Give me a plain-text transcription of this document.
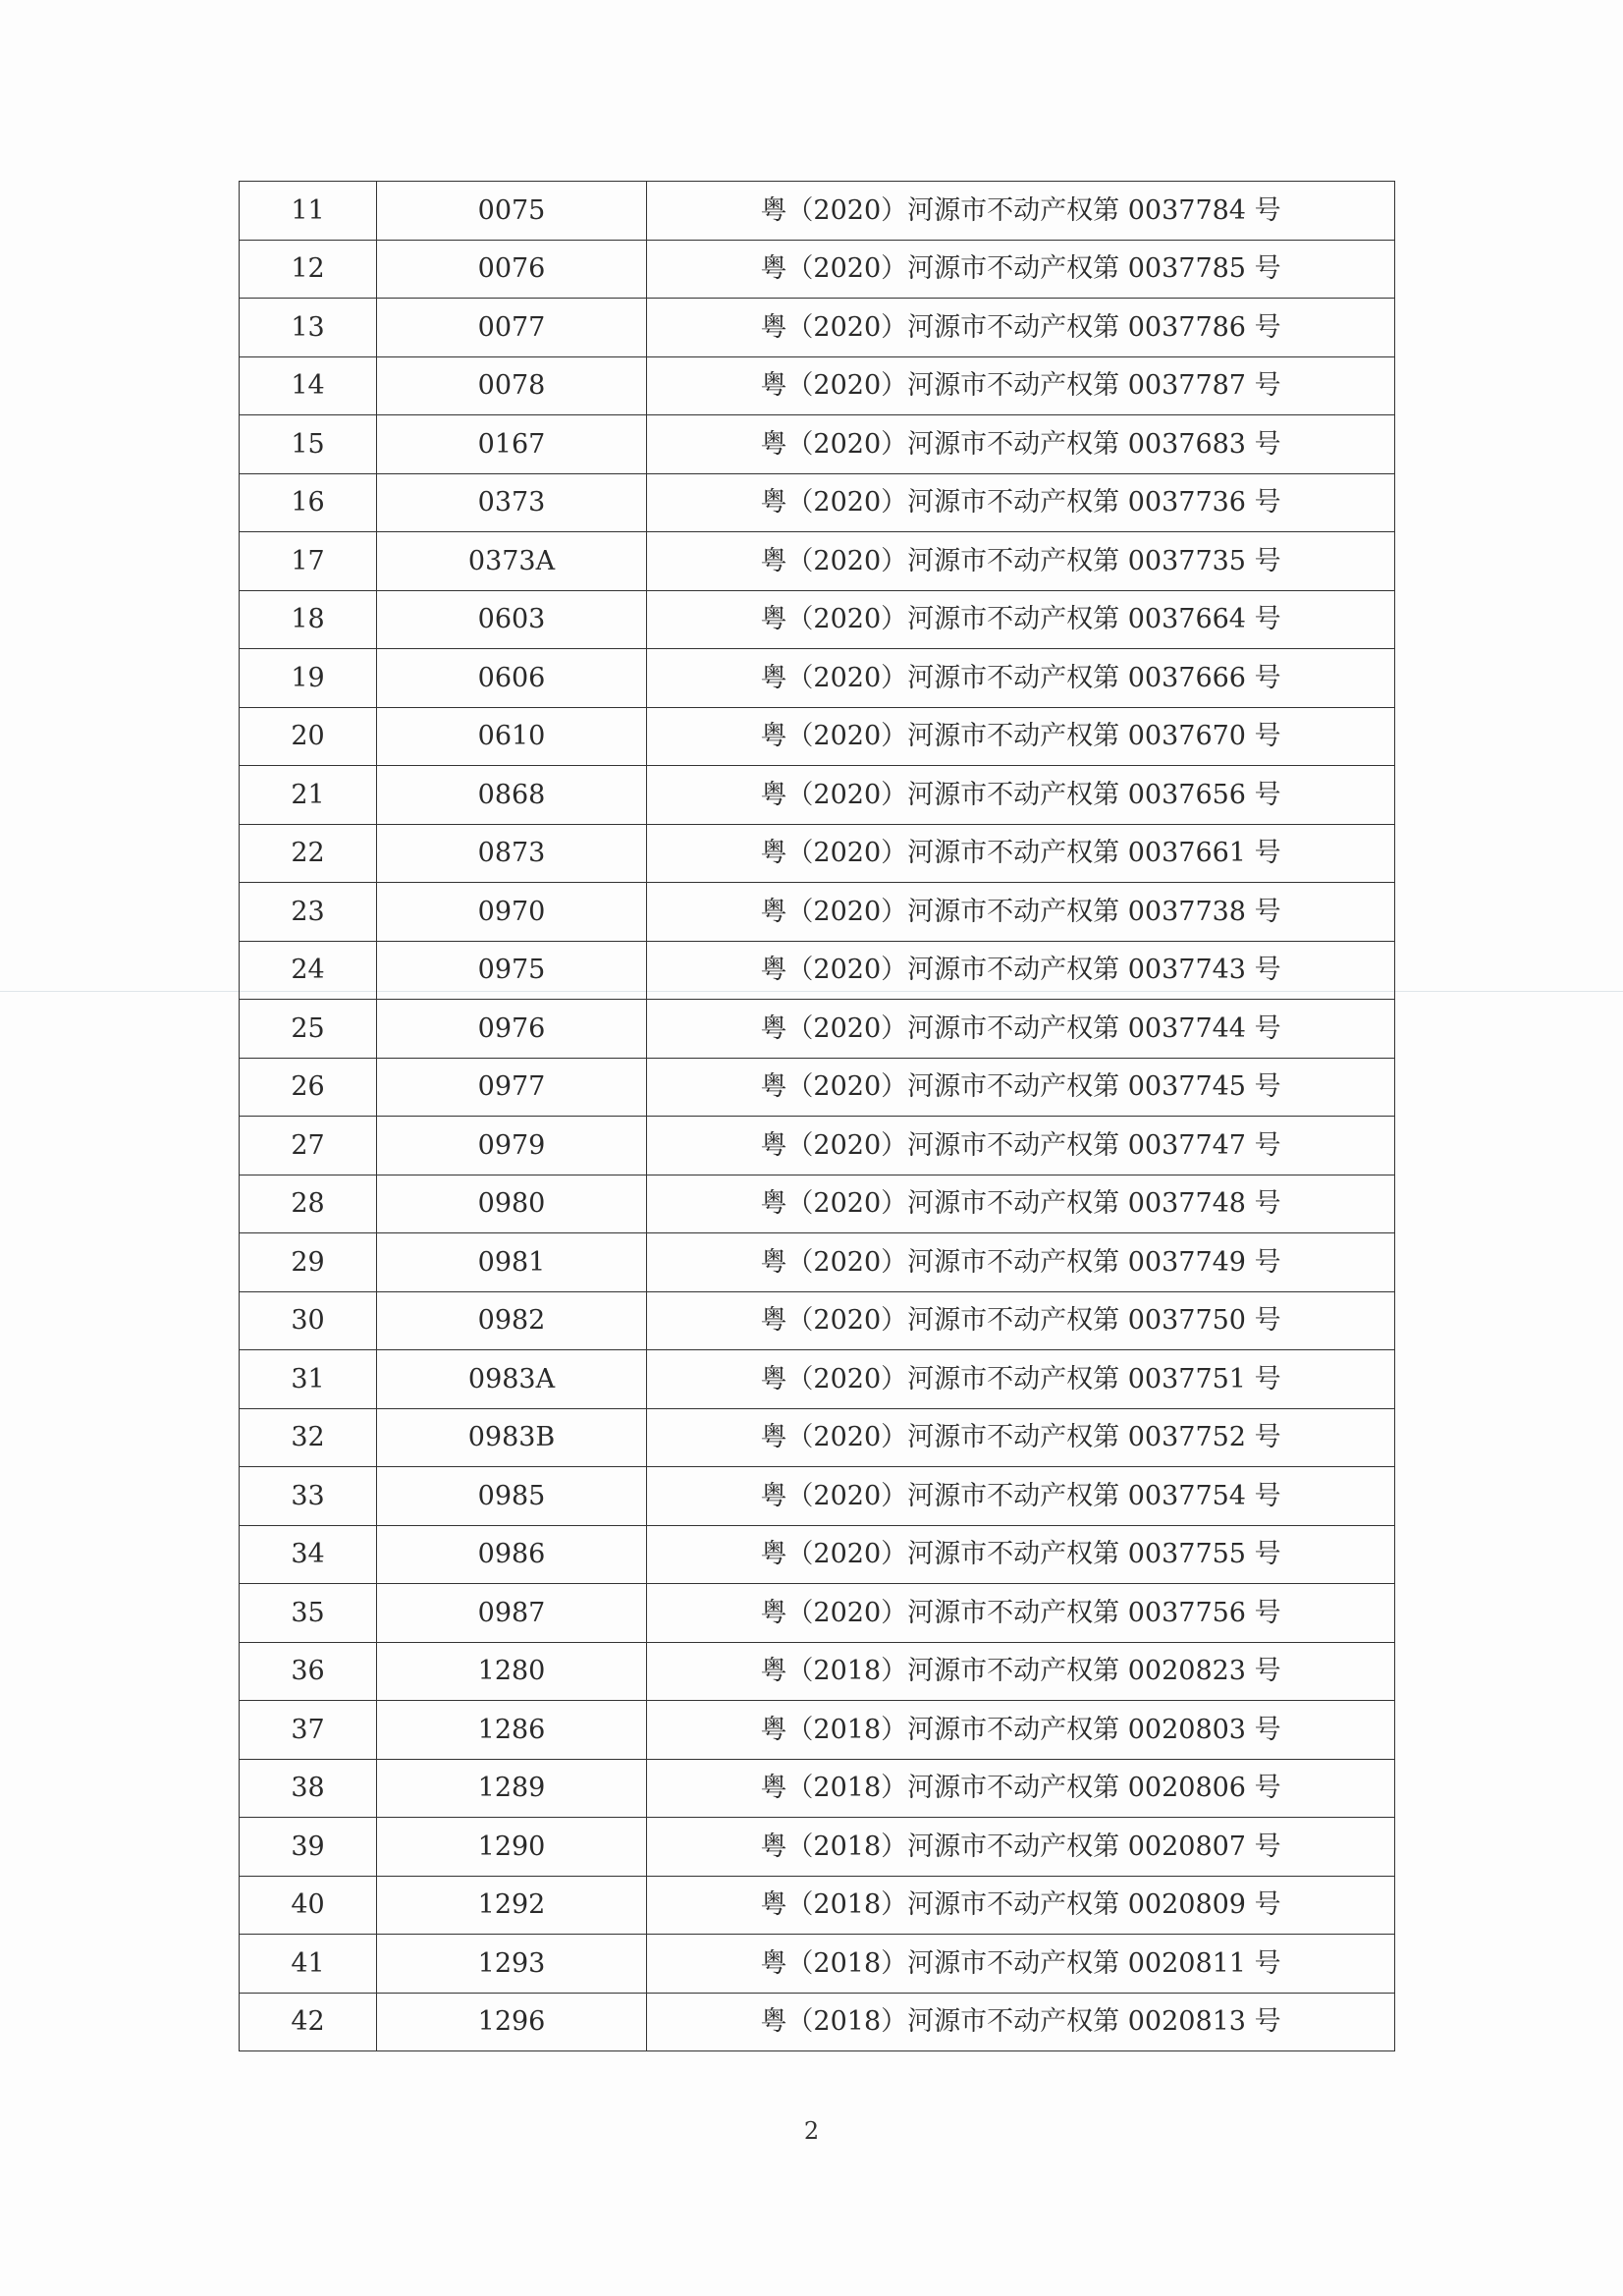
11	0075	粤（2020）河源市不动产权第 0037784 号
12	0076	粤（2020）河源市不动产权第 0037785 号
13	0077	粤（2020）河源市不动产权第 0037786 号
14	0078	粤（2020）河源市不动产权第 0037787 号
15	0167	粤（2020）河源市不动产权第 0037683 号
16	0373	粤（2020）河源市不动产权第 0037736 号
17	0373A	粤（2020）河源市不动产权第 0037735 号
18	0603	粤（2020）河源市不动产权第 0037664 号
19	0606	粤（2020）河源市不动产权第 0037666 号
20	0610	粤（2020）河源市不动产权第 0037670 号
21	0868	粤（2020）河源市不动产权第 0037656 号
22	0873	粤（2020）河源市不动产权第 0037661 号
23	0970	粤（2020）河源市不动产权第 0037738 号
24	0975	粤（2020）河源市不动产权第 0037743 号
25	0976	粤（2020）河源市不动产权第 0037744 号
26	0977	粤（2020）河源市不动产权第 0037745 号
27	0979	粤（2020）河源市不动产权第 0037747 号
28	0980	粤（2020）河源市不动产权第 0037748 号
29	0981	粤（2020）河源市不动产权第 0037749 号
30	0982	粤（2020）河源市不动产权第 0037750 号
31	0983A	粤（2020）河源市不动产权第 0037751 号
32	0983B	粤（2020）河源市不动产权第 0037752 号
33	0985	粤（2020）河源市不动产权第 0037754 号
34	0986	粤（2020）河源市不动产权第 0037755 号
35	0987	粤（2020）河源市不动产权第 0037756 号
36	1280	粤（2018）河源市不动产权第 0020823 号
37	1286	粤（2018）河源市不动产权第 0020803 号
38	1289	粤（2018）河源市不动产权第 0020806 号
39	1290	粤（2018）河源市不动产权第 0020807 号
40	1292	粤（2018）河源市不动产权第 0020809 号
41	1293	粤（2018）河源市不动产权第 0020811 号
42	1296	粤（2018）河源市不动产权第 0020813 号
2
